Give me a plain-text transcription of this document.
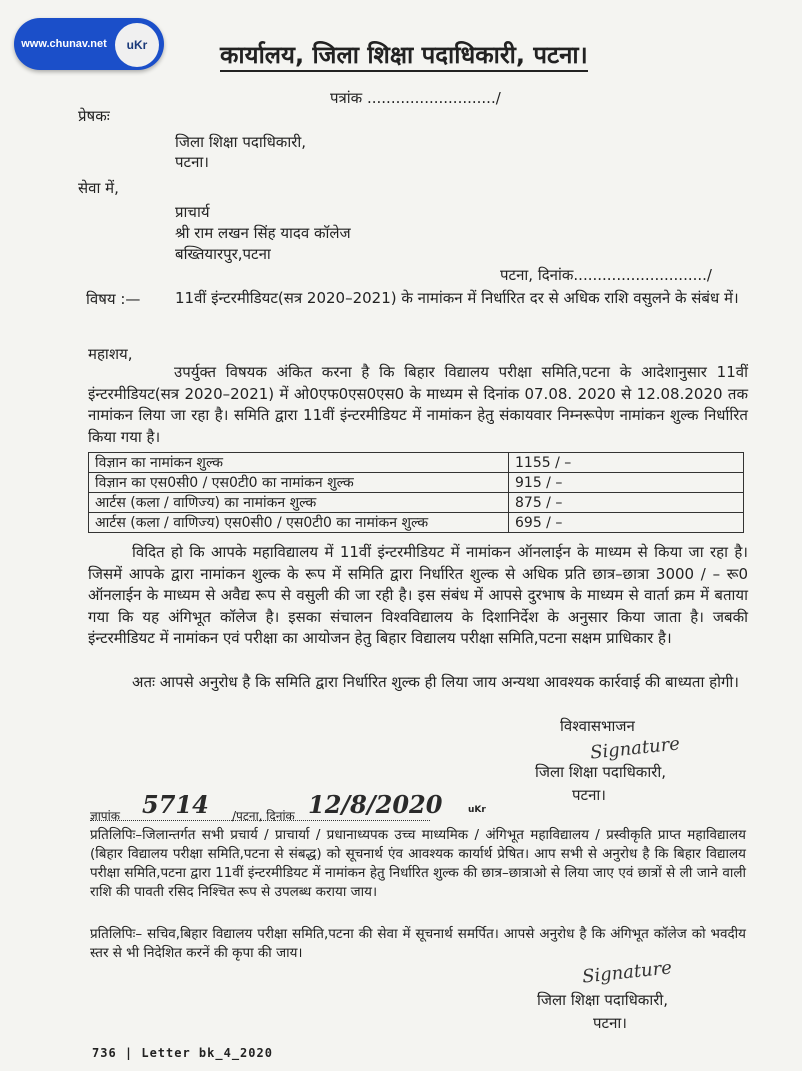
www.chunav.net	uKr	कार्यालय, जिला शिक्षा पदाधिकारी, पटना।
पत्रांक .........................../
प्रेषकः
जिला शिक्षा पदाधिकारी,
पटना।
सेवा में,
प्राचार्य
श्री राम लखन सिंह यादव कॉलेज
बख्तियारपुर,पटना
पटना, दिनांक............................/
विषय :— 11वीं इंन्टरमीडियट(सत्र 2020–2021) के नामांकन में निर्धारित दर से अधिक राशि वसुलने के संबंध में।
महाशय,
उपर्युक्त विषयक अंकित करना है कि बिहार विद्यालय परीक्षा समिति,पटना के आदेशानुसार 11वीं इंन्टरमीडियट(सत्र 2020–2021) में ओ0एफ0एस0एस0 के माध्यम से दिनांक 07.08. 2020 से 12.08.2020 तक नामांकन लिया जा रहा है। समिति द्वारा 11वीं इंन्टरमीडियट में नामांकन हेतु संकायवार निम्नरूपेण नामांकन शुल्क निर्धारित किया गया है।
विज्ञान का नामांकन शुल्क	1155 / –
विज्ञान का एस0सी0 / एस0टी0 का नामांकन शुल्क	915 / –
आर्टस (कला / वाणिज्य) का नामांकन शुल्क	875 / –
आर्टस (कला / वाणिज्य) एस0सी0 / एस0टी0 का नामांकन शुल्क	695 / –
विदित हो कि आपके महाविद्यालय में 11वीं इंन्टरमीडियट में नामांकन ऑनलाईन के माध्यम से किया जा रहा है। जिसमें आपके द्वारा नामांकन शुल्क के रूप में समिति द्वारा निर्धारित शुल्क से अधिक प्रति छात्र–छात्रा 3000 / – रू0 ऑनलाईन के माध्यम से अवैद्य रूप से वसुली की जा रही है। इस संबंध में आपसे दुरभाष के माध्यम से वार्ता क्रम में बताया गया कि यह अंगिभूत कॉलेज है। इसका संचालन विश्वविद्यालय के दिशानिर्देश के अनुसार किया जाता है। जबकी इंन्टरमीडियट में नामांकन एवं परीक्षा का आयोजन हेतु बिहार विद्यालय परीक्षा समिति,पटना सक्षम प्राधिकार है।
अतः आपसे अनुरोध है कि समिति द्वारा निर्धारित शुल्क ही लिया जाय अन्यथा आवश्यक कार्रवाई की बाध्यता होगी।
विश्वासभाजन
Signature
जिला शिक्षा पदाधिकारी,
पटना।
ज्ञापांक 5714 /पटना, दिनांक 12/8/2020	uKr
प्रतिलिपिः–जिलान्तर्गत सभी प्रचार्य / प्राचार्या / प्रधानाध्यपक उच्च माध्यमिक / अंगिभूत महाविद्यालय / प्रस्वीकृति प्राप्त महाविद्यालय (बिहार विद्यालय परीक्षा समिति,पटना से संबद्ध) को सूचनार्थ एंव आवश्यक कार्यार्थ प्रेषित। आप सभी से अनुरोध है कि बिहार विद्यालय परीक्षा समिति,पटना द्वारा 11वीं इंन्टरमीडियट में नामांकन हेतु निर्धारित शुल्क की छात्र–छात्राओ से लिया जाए एवं छात्रों से ली जाने वाली राशि की पावती रसिद निश्चित रूप से उपलब्ध कराया जाय।
प्रतिलिपिः– सचिव,बिहार विद्यालय परीक्षा समिति,पटना की सेवा में सूचनार्थ समर्पित। आपसे अनुरोध है कि अंगिभूत कॉलेज को भवदीय स्तर से भी निदेशित करनें की कृपा की जाय।
Signature
जिला शिक्षा पदाधिकारी,
पटना।
736 | Letter bk_4_2020
